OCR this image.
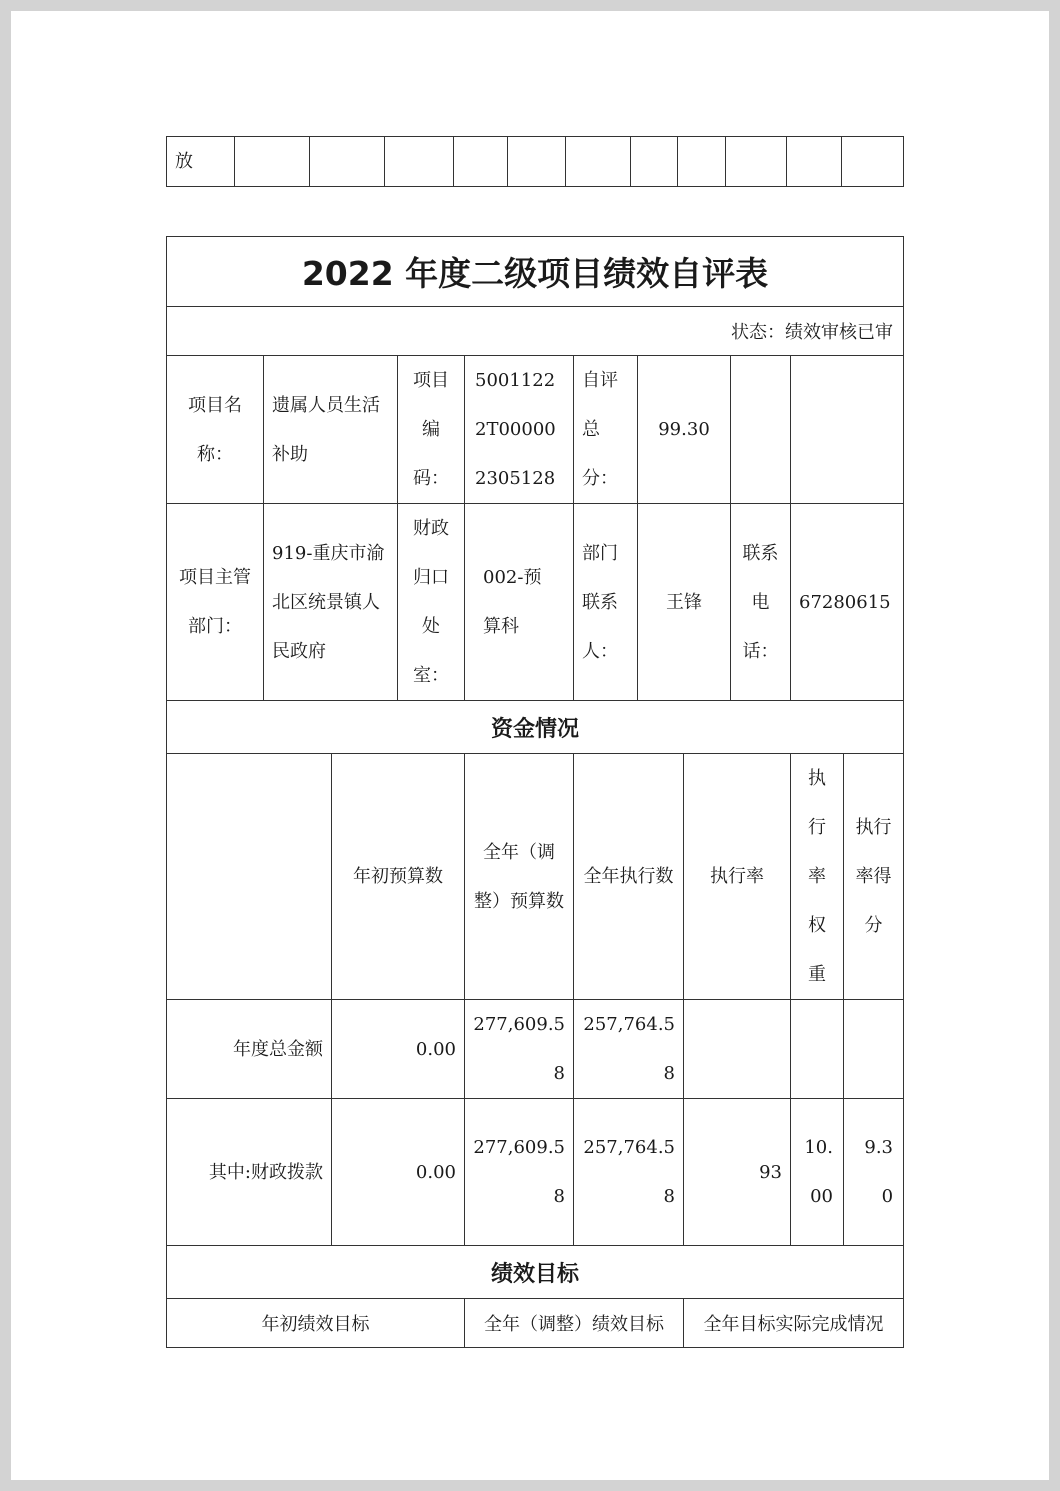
放											
2022 年度二级项目绩效自评表										
状态：绩效审核已审										
项目名称：	遗属人员生活补助		项目编码：	50011222T000002305128	自评总分：	99.30				
项目主管部门：	919-重庆市渝北区统景镇人民政府		财政归口处室：	002-预算科	部门联系人：	王锋		联系电话：	67280615	
资金情况										
		年初预算数		全年（调整）预算数	全年执行数		执行率		执行率权重	执行率得分
年度总金额		0.00		277,609.58	257,764.58					
其中:财政拨款		0.00		277,609.58	257,764.58		93		10.00	9.30
绩效目标										
年初绩效目标				全年（调整）绩效目标			全年目标实际完成情况			
